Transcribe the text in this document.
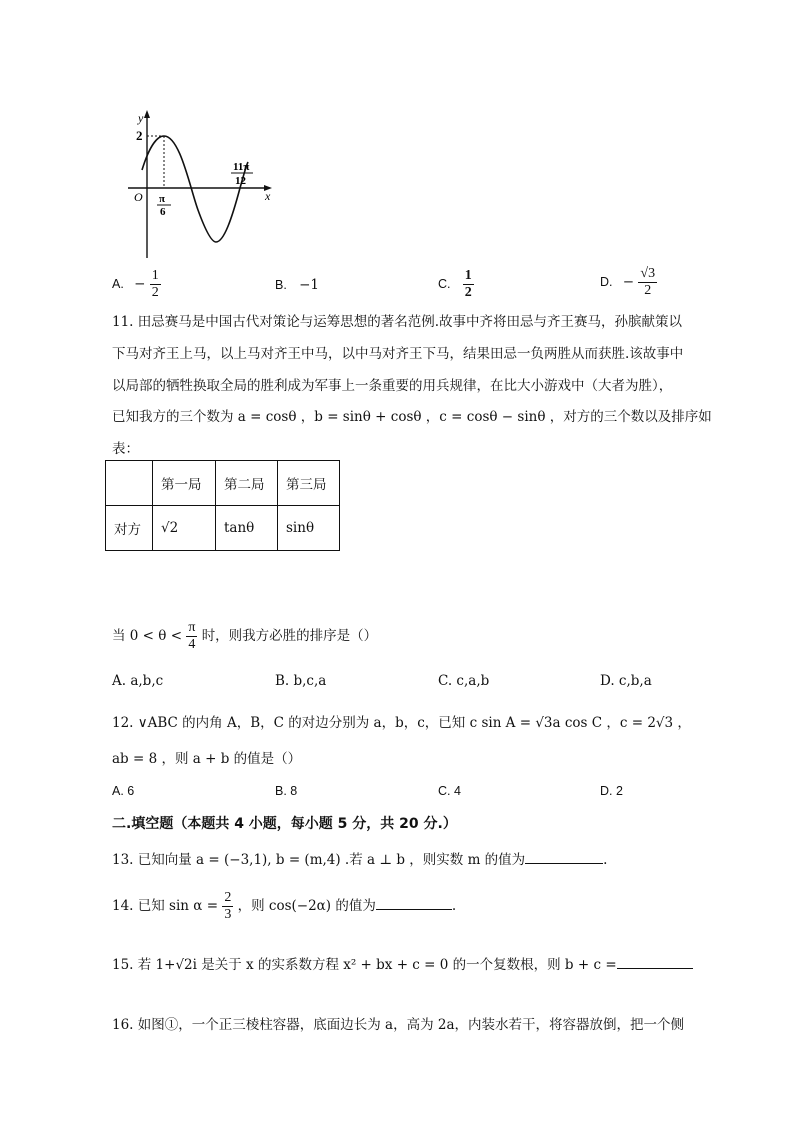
y
x
O
2
π
6
11π
12
A. − $\frac{1}{2}$	B. −1	C. $\frac{1}{2}$	D. − $\frac{√3}{2}$
11. 田忌赛马是中国古代对策论与运筹思想的著名范例.故事中齐将田忌与齐王赛马，孙膑献策以
下马对齐王上马，以上马对齐王中马，以中马对齐王下马，结果田忌一负两胜从而获胜.该故事中
以局部的牺牲换取全局的胜利成为军事上一条重要的用兵规律，在比大小游戏中（大者为胜），
已知我方的三个数为 a = cosθ ，b = sinθ + cosθ ，c = cosθ − sinθ ，对方的三个数以及排序如
表：
	第一局	第二局	第三局
对方	√2	tanθ	sinθ
当 $0 < \theta < \frac{\pi}{4}$ 时，则我方必胜的排序是（）
A. a,b,c	B. b,c,a	C. c,a,b	D. c,b,a
12. ∨ABC 的内角 A，B，C 的对边分别为 a，b，c，已知 c sin A = √3a cos C ，c = 2√3 ，
ab = 8 ，则 a + b 的值是（）
A. 6	B. 8	C. 4	D. 2
二.填空题（本题共 4 小题，每小题 5 分，共 20 分.）
13. 已知向量 a = (−3,1), b = (m,4) .若 a ⊥ b ，则实数 m 的值为	.
14. 已知 $\sin \alpha = \frac{2}{3}$ ，则 cos(−2α) 的值为	.
15. 若 1+√2i 是关于 x 的实系数方程 x² + bx + c = 0 的一个复数根，则 b + c =
16. 如图①，一个正三棱柱容器，底面边长为 a，高为 2a，内装水若干，将容器放倒，把一个侧
